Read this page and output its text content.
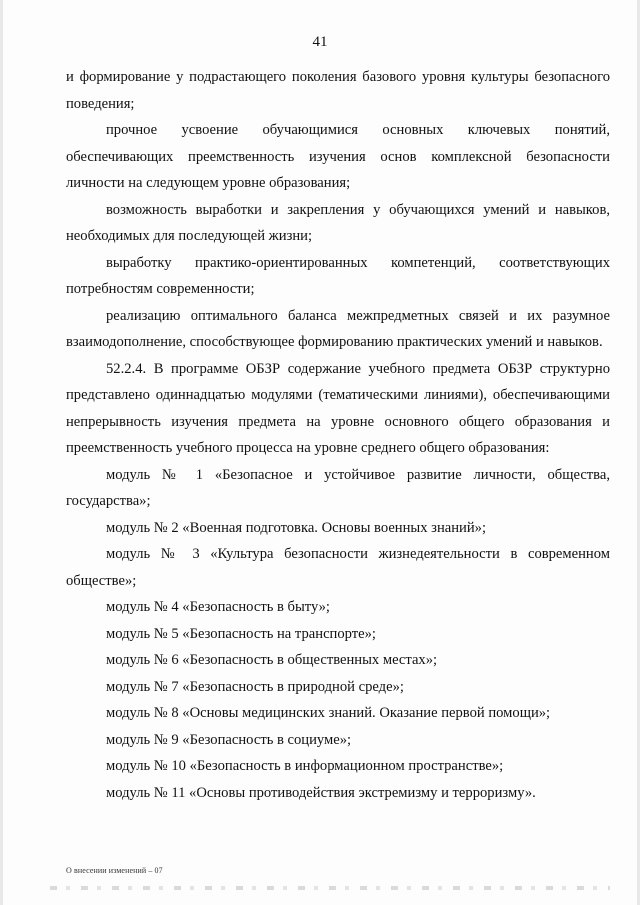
41

и формирование у подрастающего поколения базового уровня культуры безопасного поведения;

прочное усвоение обучающимися основных ключевых понятий, обеспечивающих преемственность изучения основ комплексной безопасности личности на следующем уровне образования;

возможность выработки и закрепления у обучающихся умений и навыков, необходимых для последующей жизни;

выработку практико-ориентированных компетенций, соответствующих потребностям современности;

реализацию оптимального баланса межпредметных связей и их разумное взаимодополнение, способствующее формированию практических умений и навыков.

52.2.4. В программе ОБЗР содержание учебного предмета ОБЗР структурно представлено одиннадцатью модулями (тематическими линиями), обеспечивающими непрерывность изучения предмета на уровне основного общего образования и преемственность учебного процесса на уровне среднего общего образования:

модуль № 1 «Безопасное и устойчивое развитие личности, общества, государства»;

модуль № 2 «Военная подготовка. Основы военных знаний»;

модуль № 3 «Культура безопасности жизнедеятельности в современном обществе»;

модуль № 4 «Безопасность в быту»;

модуль № 5 «Безопасность на транспорте»;

модуль № 6 «Безопасность в общественных местах»;

модуль № 7 «Безопасность в природной среде»;

модуль № 8 «Основы медицинских знаний. Оказание первой помощи»;

модуль № 9 «Безопасность в социуме»;

модуль № 10 «Безопасность в информационном пространстве»;

модуль № 11 «Основы противодействия экстремизму и терроризму».

О внесении изменений – 07
